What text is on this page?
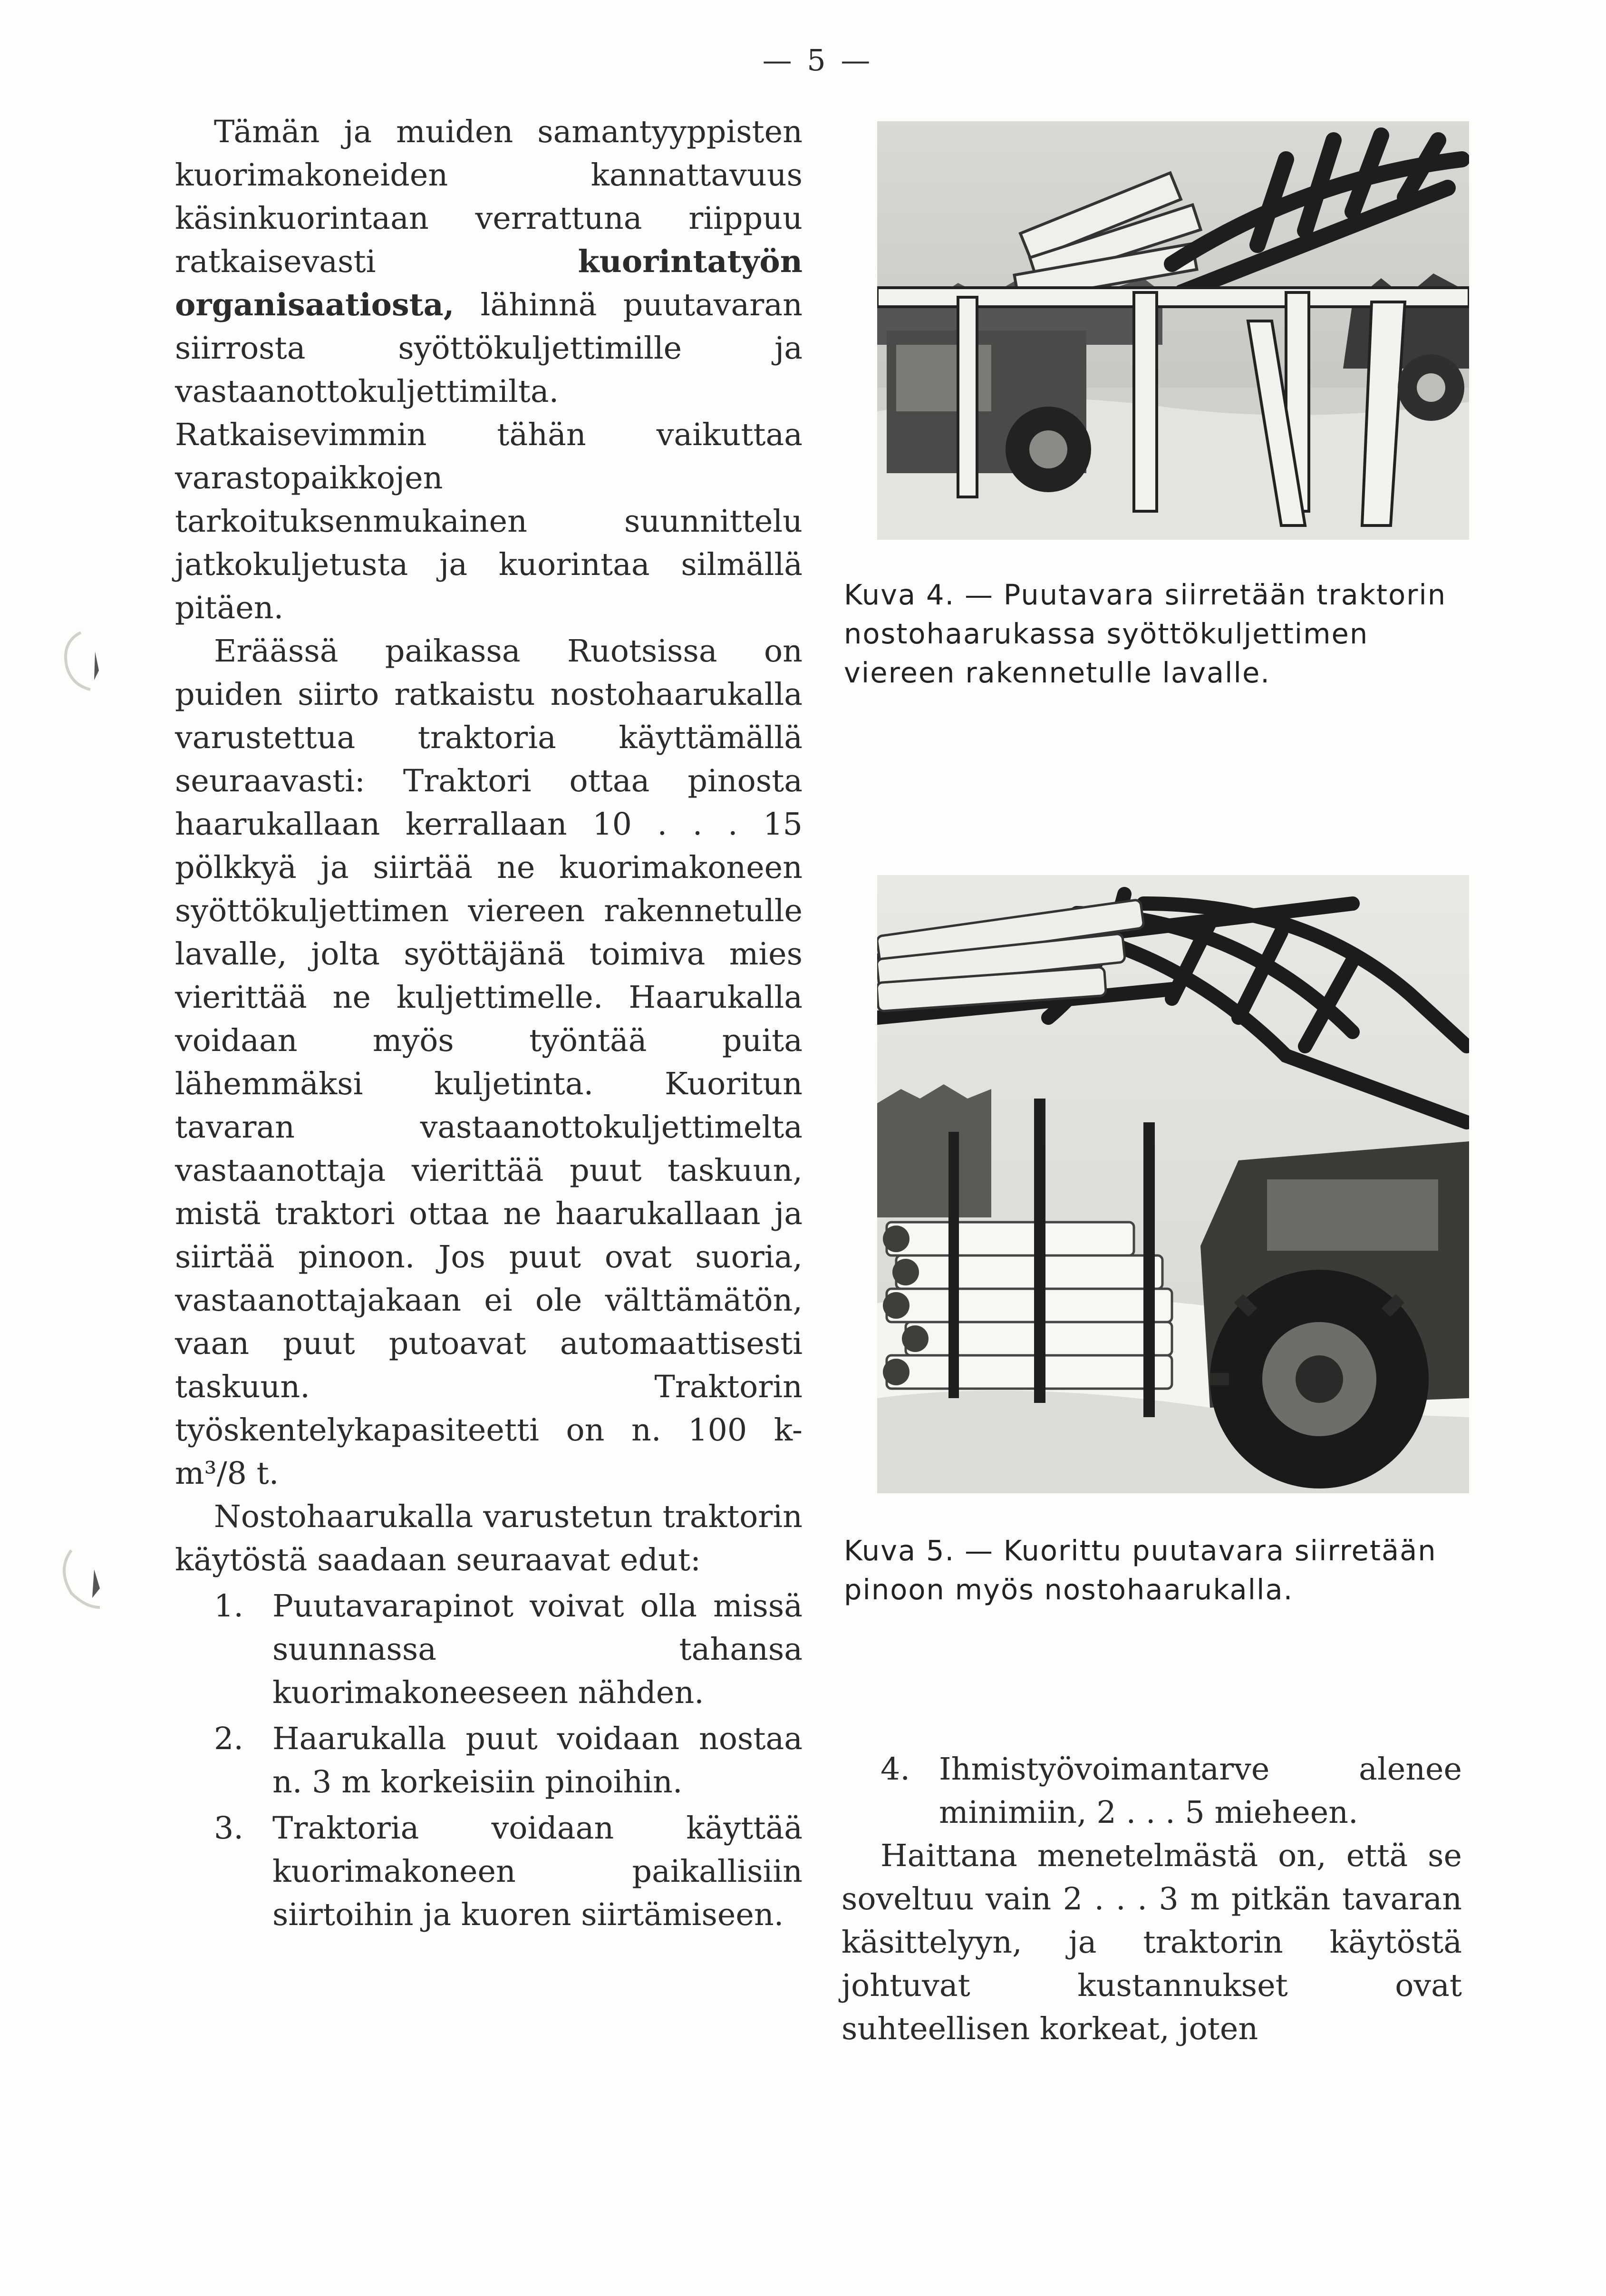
— 5 —

Tämän ja muiden samantyyppisten kuorimakoneiden kannattavuus käsinkuorintaan verrattuna riippuu ratkaisevasti kuorintatyön organisaatiosta, lähinnä puutavaran siirrosta syöttökuljettimille ja vastaanottokuljettimilta. Ratkaisevimmin tähän vaikuttaa varastopaikkojen tarkoituksenmukainen suunnittelu jatkokuljetusta ja kuorintaa silmällä pitäen.

Eräässä paikassa Ruotsissa on puiden siirto ratkaistu nostohaarukalla varustettua traktoria käyttämällä seuraavasti: Traktori ottaa pinosta haarukallaan kerrallaan 10 . . . 15 pölkkyä ja siirtää ne kuorimakoneen syöttökuljettimen viereen rakennetulle lavalle, jolta syöttäjänä toimiva mies vierittää ne kuljettimelle. Haarukalla voidaan myös työntää puita lähemmäksi kuljetinta. Kuoritun tavaran vastaanottokuljettimelta vastaanottaja vierittää puut taskuun, mistä traktori ottaa ne haarukallaan ja siirtää pinoon. Jos puut ovat suoria, vastaanottajakaan ei ole välttämätön, vaan puut putoavat automaattisesti taskuun. Traktorin työskentelykapasiteetti on n. 100 k-m³/8 t.

Nostohaarukalla varustetun traktorin käytöstä saadaan seuraavat edut:

1. Puutavarapinot voivat olla missä suunnassa tahansa kuorimakoneeseen nähden.
2. Haarukalla puut voidaan nostaa n. 3 m korkeisiin pinoihin.
3. Traktoria voidaan käyttää kuorimakoneen paikallisiin siirtoihin ja kuoren siirtämiseen.
Kuva 4. — Puutavara siirretään traktorin nostohaarukassa syöttökuljettimen viereen rakennetulle lavalle.
Kuva 5. — Kuorittu puutavara siirretään pinoon myös nostohaarukalla.
4. Ihmistyövoimantarve alenee minimiin, 2 . . . 5 mieheen.

Haittana menetelmästä on, että se soveltuu vain 2 . . . 3 m pitkän tavaran käsittelyyn, ja traktorin käytöstä johtuvat kustannukset ovat suhteellisen korkeat, joten
